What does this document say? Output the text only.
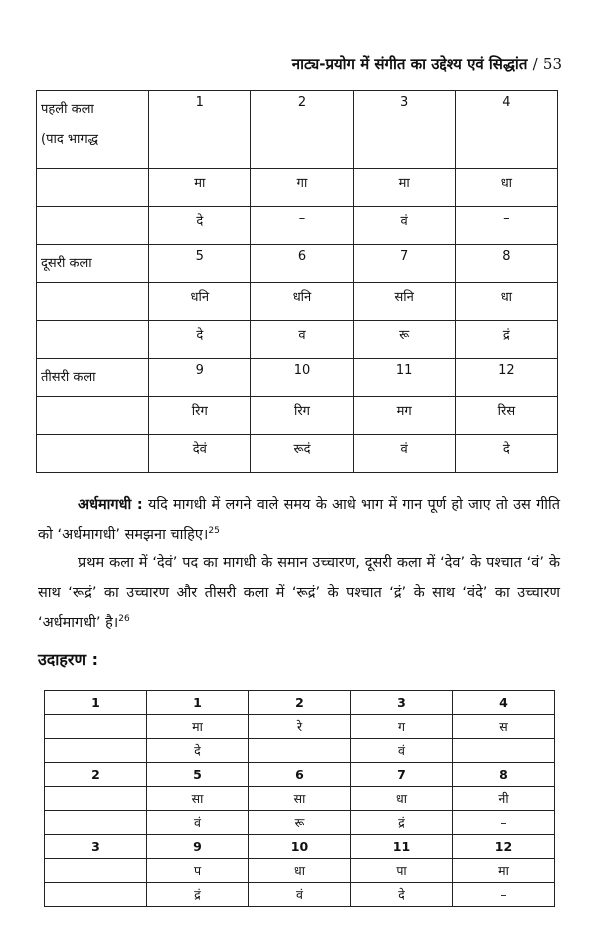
नाट्य-प्रयोग में संगीत का उद्देश्य एवं सिद्धांत / 53
पहली कला
(पाद भागद्ध	1	2	3	4
	मा	गा	मा	धा
	दे	–	वं	–
दूसरी कला	5	6	7	8
	धनि	धनि	सनि	धा
	दे	व	रू	द्रं
तीसरी कला	9	10	11	12
	रिग	रिग	मग	रिस
	देवं	रूदं	वं	दे
अर्धमागधी : यदि मागधी में लगने वाले समय के आधे भाग में गान पूर्ण हो जाए तो उस गीति को ‘अर्धमागधी’ समझना चाहिए।$^{25}$
प्रथम कला में ‘देवं’ पद का मागधी के समान उच्चारण, दूसरी कला में ‘देव’ के पश्चात ‘वं’ के साथ ‘रूद्रं’ का उच्चारण और तीसरी कला में ‘रूद्रं’ के पश्चात ‘द्रं’ के साथ ‘वंदे’ का उच्चारण ‘अर्धमागधी’ है।$^{26}$
उदाहरण :
1	1	2	3	4
	मा	रे	ग	स
	दे		वं	
2	5	6	7	8
	सा	सा	धा	नी
	वं	रू	द्रं	–
3	9	10	11	12
	प	धा	पा	मा
	द्रं	वं	दे	–
